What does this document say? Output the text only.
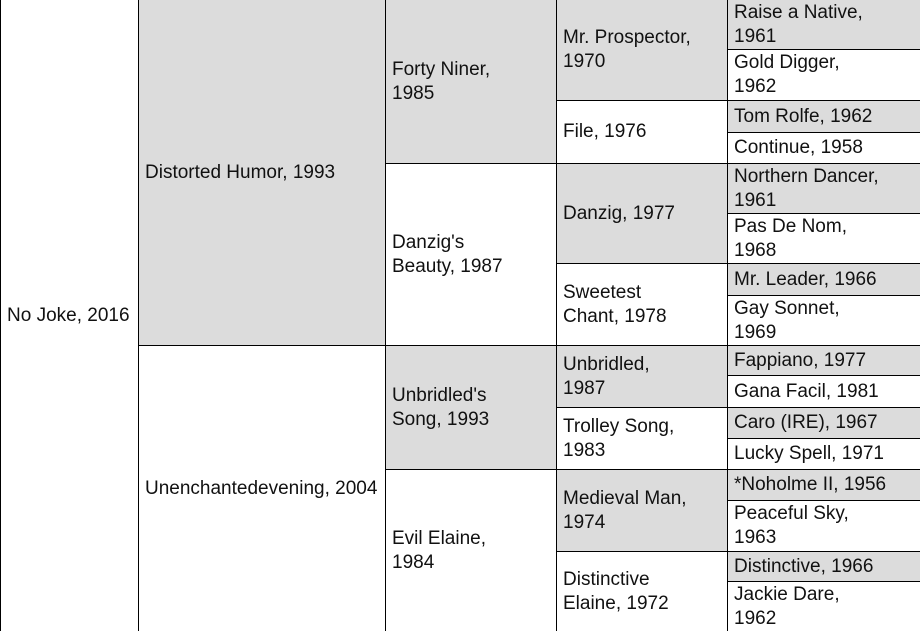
No Joke, 2016
Distorted Humor, 1993
Unenchantedevening, 2004
Forty Niner, 1985
Danzig's Beauty, 1987
Unbridled's Song, 1993
Evil Elaine, 1984
Mr. Prospector, 1970
File, 1976
Danzig, 1977
Sweetest Chant, 1978
Unbridled, 1987
Trolley Song, 1983
Medieval Man, 1974
Distinctive Elaine, 1972
Raise a Native, 1961
Gold Digger, 1962
Tom Rolfe, 1962
Continue, 1958
Northern Dancer, 1961
Pas De Nom, 1968
Mr. Leader, 1966
Gay Sonnet, 1969
Fappiano, 1977
Gana Facil, 1981
Caro (IRE), 1967
Lucky Spell, 1971
*Noholme II, 1956
Peaceful Sky, 1963
Distinctive, 1966
Jackie Dare, 1962
